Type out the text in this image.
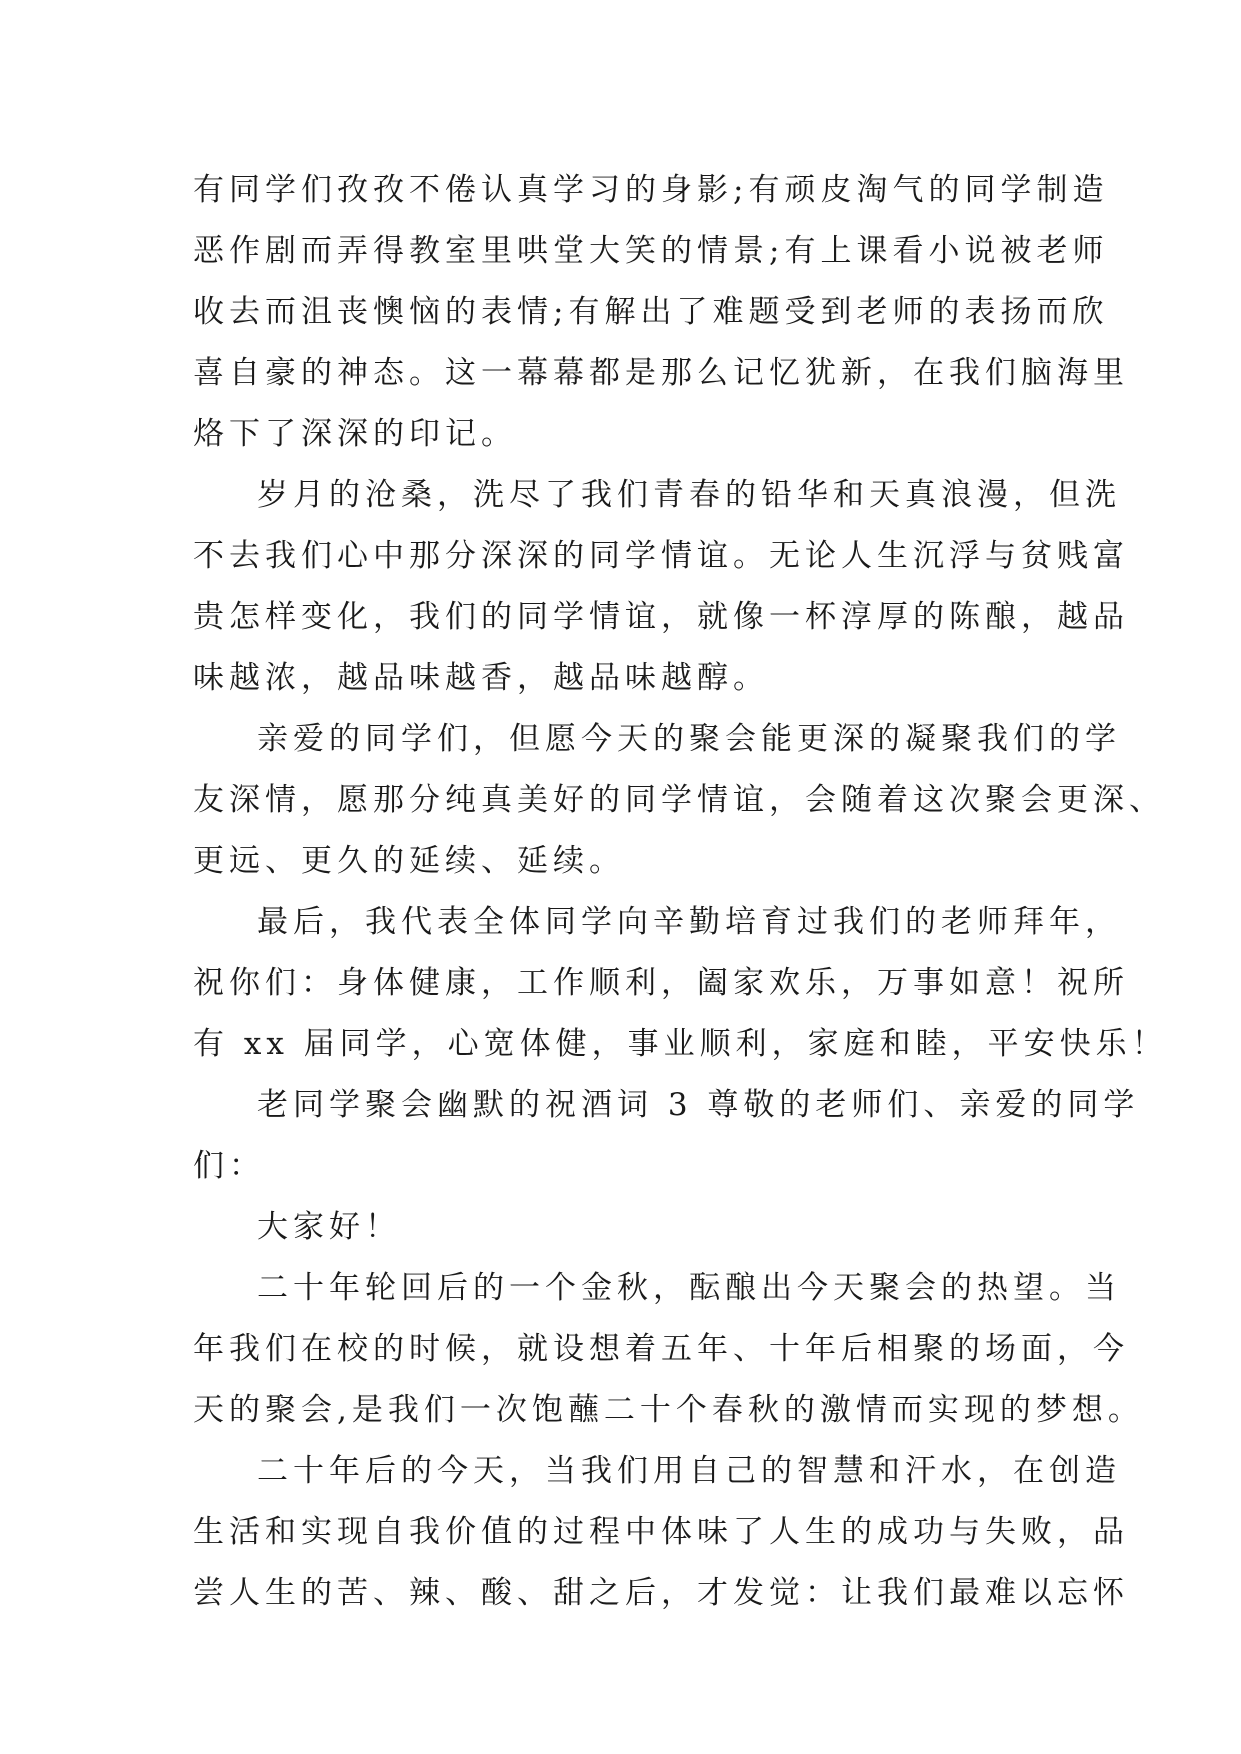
有同学们孜孜不倦认真学习的身影;有顽皮淘气的同学制造
恶作剧而弄得教室里哄堂大笑的情景;有上课看小说被老师
收去而沮丧懊恼的表情;有解出了难题受到老师的表扬而欣
喜自豪的神态。这一幕幕都是那么记忆犹新，在我们脑海里
烙下了深深的印记。
岁月的沧桑，洗尽了我们青春的铅华和天真浪漫，但洗
不去我们心中那分深深的同学情谊。无论人生沉浮与贫贱富
贵怎样变化，我们的同学情谊，就像一杯淳厚的陈酿，越品
味越浓，越品味越香，越品味越醇。
亲爱的同学们，但愿今天的聚会能更深的凝聚我们的学
友深情，愿那分纯真美好的同学情谊，会随着这次聚会更深、
更远、更久的延续、延续。
最后，我代表全体同学向辛勤培育过我们的老师拜年，
祝你们：身体健康，工作顺利，阖家欢乐，万事如意！祝所
有 xx 届同学，心宽体健，事业顺利，家庭和睦，平安快乐！
老同学聚会幽默的祝酒词 3 尊敬的老师们、亲爱的同学
们：
大家好！
二十年轮回后的一个金秋，酝酿出今天聚会的热望。当
年我们在校的时候，就设想着五年、十年后相聚的场面，今
天的聚会,是我们一次饱蘸二十个春秋的激情而实现的梦想。
二十年后的今天，当我们用自己的智慧和汗水，在创造
生活和实现自我价值的过程中体味了人生的成功与失败，品
尝人生的苦、辣、酸、甜之后，才发觉：让我们最难以忘怀
